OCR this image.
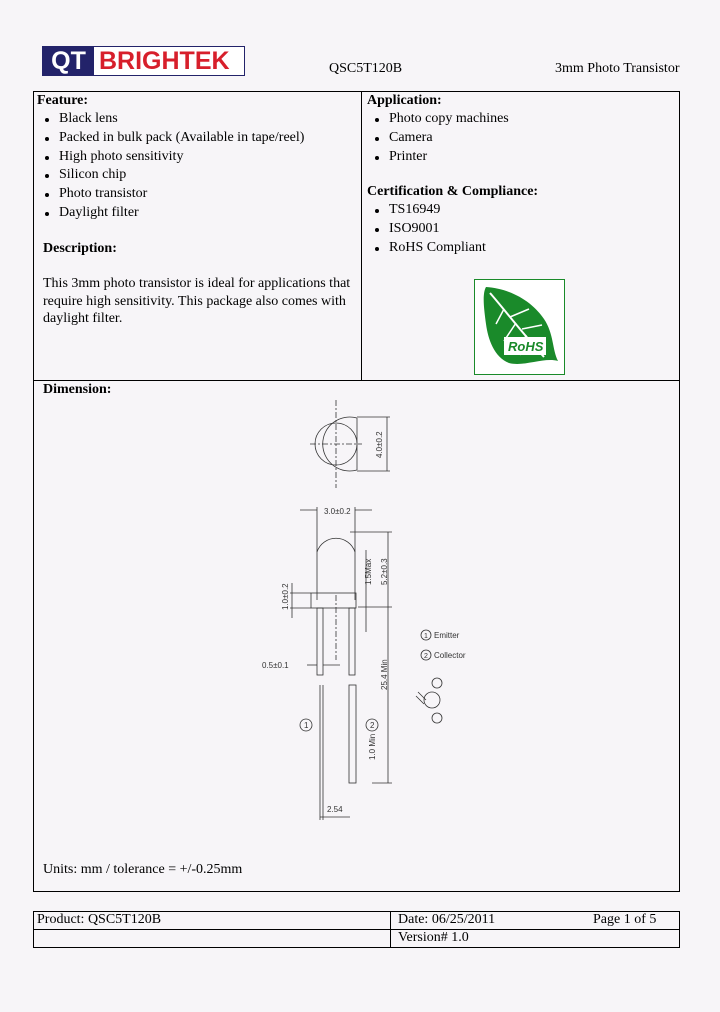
QT BRIGHTEK	QSC5T120B	3mm Photo Transistor
Feature:
Black lens
Packed in bulk pack (Available in tape/reel)
High photo sensitivity
Silicon chip
Photo transistor
Daylight filter
Description:
This 3mm photo transistor is ideal for applications that
require high sensitivity. This package also comes with
daylight filter.
Application:
Photo copy machines
Camera
Printer
Certification & Compliance:
TS16949
ISO9001
RoHS Compliant
RoHS
Dimension:
4.0±0.2
3.0±0.2
5.2±0.3
1.5Max
1.0±0.2
0.5±0.1	25.4 Min
1.0 Min
1	2
2.54
1 Emitter
2 Collector
Units: mm / tolerance = +/-0.25mm
Product: QSC5T120B	Date: 06/25/2011	Page 1 of 5
Version# 1.0
